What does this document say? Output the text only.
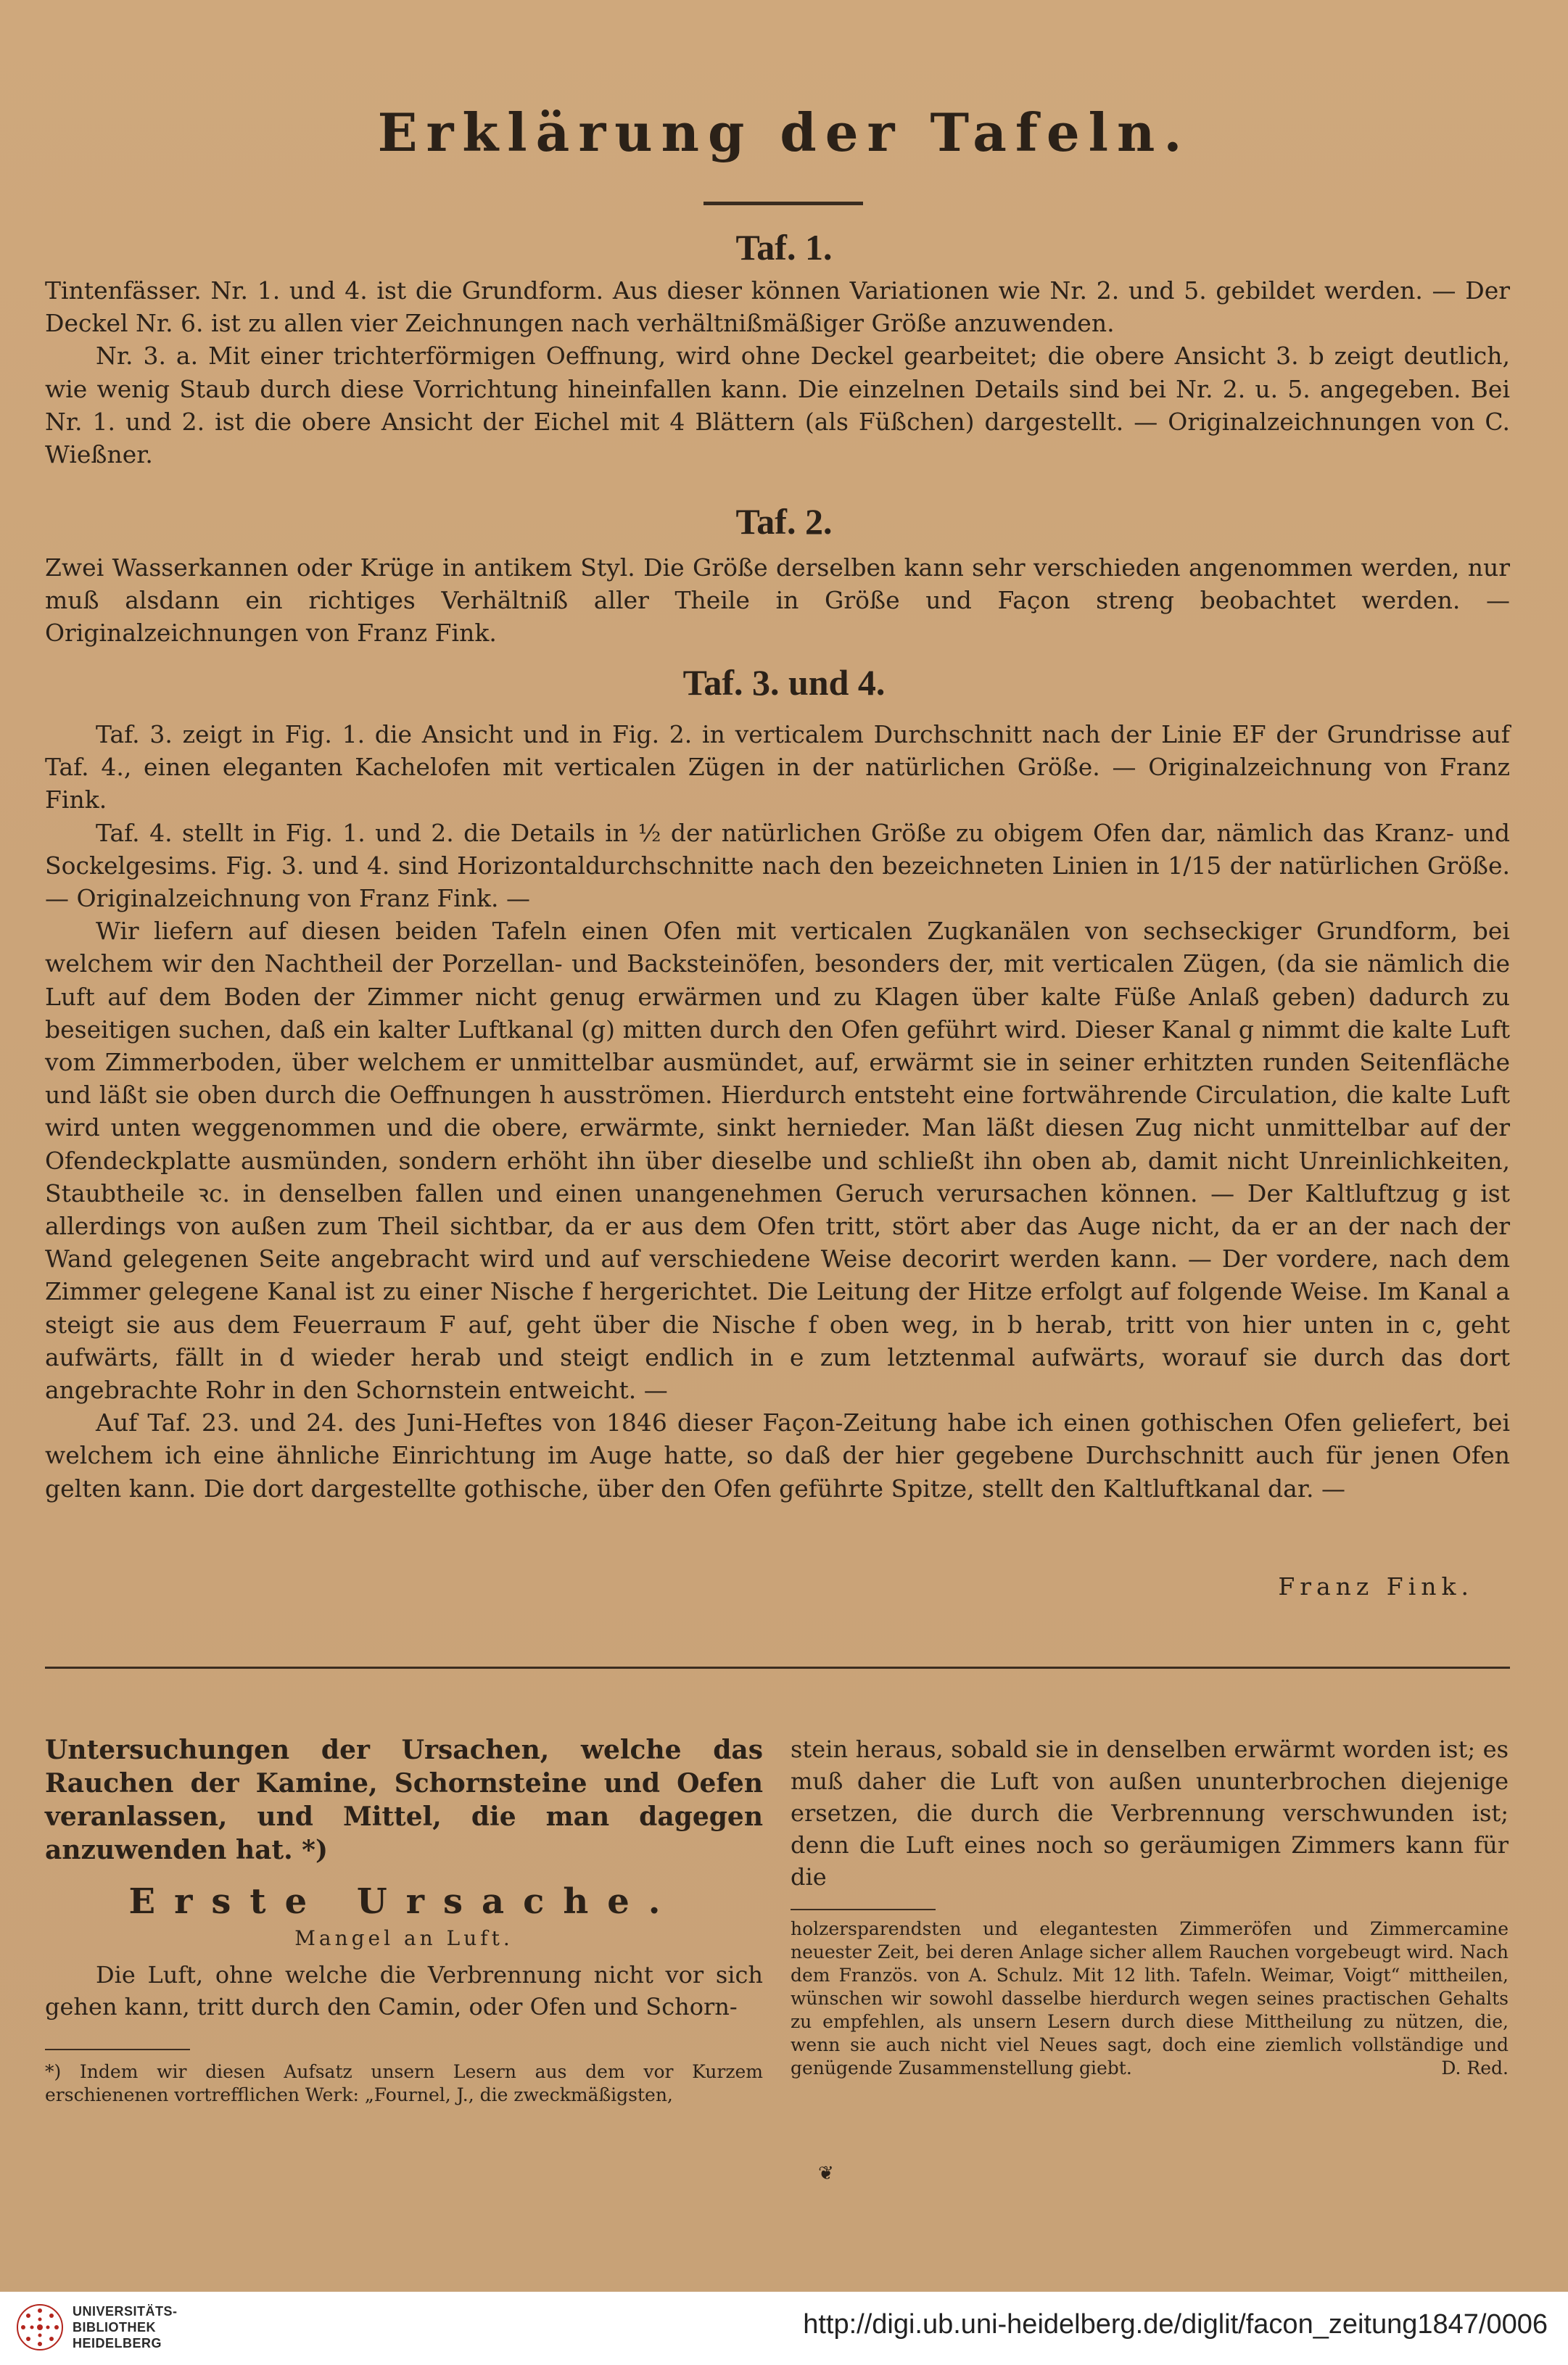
Erklärung der Tafeln.
Taf. 1.

Tintenfässer. Nr. 1. und 4. ist die Grundform. Aus dieser können Variationen wie Nr. 2. und 5. gebildet werden. — Der Deckel Nr. 6. ist zu allen vier Zeichnungen nach verhältnißmäßiger Größe anzuwenden.

Nr. 3. a. Mit einer trichterförmigen Oeffnung, wird ohne Deckel gearbeitet; die obere Ansicht 3. b zeigt deutlich, wie wenig Staub durch diese Vorrichtung hineinfallen kann. Die einzelnen Details sind bei Nr. 2. u. 5. angegeben. Bei Nr. 1. und 2. ist die obere Ansicht der Eichel mit 4 Blättern (als Füßchen) dargestellt. — Originalzeichnungen von C. Wießner.

Taf. 2.

Zwei Wasserkannen oder Krüge in antikem Styl. Die Größe derselben kann sehr verschieden angenommen werden, nur muß alsdann ein richtiges Verhältniß aller Theile in Größe und Façon streng beobachtet werden. — Originalzeichnungen von Franz Fink.

Taf. 3. und 4.

Taf. 3. zeigt in Fig. 1. die Ansicht und in Fig. 2. in verticalem Durchschnitt nach der Linie EF der Grundrisse auf Taf. 4., einen eleganten Kachelofen mit verticalen Zügen in der natürlichen Größe. — Originalzeichnung von Franz Fink.

Taf. 4. stellt in Fig. 1. und 2. die Details in ½ der natürlichen Größe zu obigem Ofen dar, nämlich das Kranz- und Sockelgesims. Fig. 3. und 4. sind Horizontaldurchschnitte nach den bezeichneten Linien in 1/15 der natürlichen Größe. — Originalzeichnung von Franz Fink. —

Wir liefern auf diesen beiden Tafeln einen Ofen mit verticalen Zugkanälen von sechseckiger Grundform, bei welchem wir den Nachtheil der Porzellan- und Backsteinöfen, besonders der, mit verticalen Zügen, (da sie nämlich die Luft auf dem Boden der Zimmer nicht genug erwärmen und zu Klagen über kalte Füße Anlaß geben) dadurch zu beseitigen suchen, daß ein kalter Luftkanal (g) mitten durch den Ofen geführt wird. Dieser Kanal g nimmt die kalte Luft vom Zimmerboden, über welchem er unmittelbar ausmündet, auf, erwärmt sie in seiner erhitzten runden Seitenfläche und läßt sie oben durch die Oeffnungen h ausströmen. Hierdurch entsteht eine fortwährende Circulation, die kalte Luft wird unten weggenommen und die obere, erwärmte, sinkt hernieder. Man läßt diesen Zug nicht unmittelbar auf der Ofendeckplatte ausmünden, sondern erhöht ihn über dieselbe und schließt ihn oben ab, damit nicht Unreinlichkeiten, Staubtheile ꝛc. in denselben fallen und einen unangenehmen Geruch verursachen können. — Der Kaltluftzug g ist allerdings von außen zum Theil sichtbar, da er aus dem Ofen tritt, stört aber das Auge nicht, da er an der nach der Wand gelegenen Seite angebracht wird und auf verschiedene Weise decorirt werden kann. — Der vordere, nach dem Zimmer gelegene Kanal ist zu einer Nische f hergerichtet. Die Leitung der Hitze erfolgt auf folgende Weise. Im Kanal a steigt sie aus dem Feuerraum F auf, geht über die Nische f oben weg, in b herab, tritt von hier unten in c, geht aufwärts, fällt in d wieder herab und steigt endlich in e zum letztenmal aufwärts, worauf sie durch das dort angebrachte Rohr in den Schornstein entweicht. —

Auf Taf. 23. und 24. des Juni-Heftes von 1846 dieser Façon-Zeitung habe ich einen gothischen Ofen geliefert, bei welchem ich eine ähnliche Einrichtung im Auge hatte, so daß der hier gegebene Durchschnitt auch für jenen Ofen gelten kann. Die dort dargestellte gothische, über den Ofen geführte Spitze, stellt den Kaltluftkanal dar. —

Franz Fink.
Untersuchungen der Ursachen, welche das Rauchen der Kamine, Schornsteine und Oefen veranlassen, und Mittel, die man dagegen anzuwenden hat. *)
Erste Ursache.
Mangel an Luft.

Die Luft, ohne welche die Verbrennung nicht vor sich gehen kann, tritt durch den Camin, oder Ofen und Schorn-

*) Indem wir diesen Aufsatz unsern Lesern aus dem vor Kurzem erschienenen vortrefflichen Werk: „Fournel, J., die zweckmäßigsten,

stein heraus, sobald sie in denselben erwärmt worden ist; es muß daher die Luft von außen ununterbrochen diejenige ersetzen, die durch die Verbrennung verschwunden ist; denn die Luft eines noch so geräumigen Zimmers kann für die

holzersparendsten und elegantesten Zimmeröfen und Zimmercamine neuester Zeit, bei deren Anlage sicher allem Rauchen vorgebeugt wird. Nach dem Französ. von A. Schulz. Mit 12 lith. Tafeln. Weimar, Voigt“ mittheilen, wünschen wir sowohl dasselbe hierdurch wegen seines practischen Gehalts zu empfehlen, als unsern Lesern durch diese Mittheilung zu nützen, die, wenn sie auch nicht viel Neues sagt, doch eine ziemlich vollständige und genügende Zusammenstellung giebt.	D. Red.

❦
UNIVERSITÄTS-
BIBLIOTHEK
HEIDELBERG
http://digi.ub.uni-heidelberg.de/diglit/facon_zeitung1847/0006
